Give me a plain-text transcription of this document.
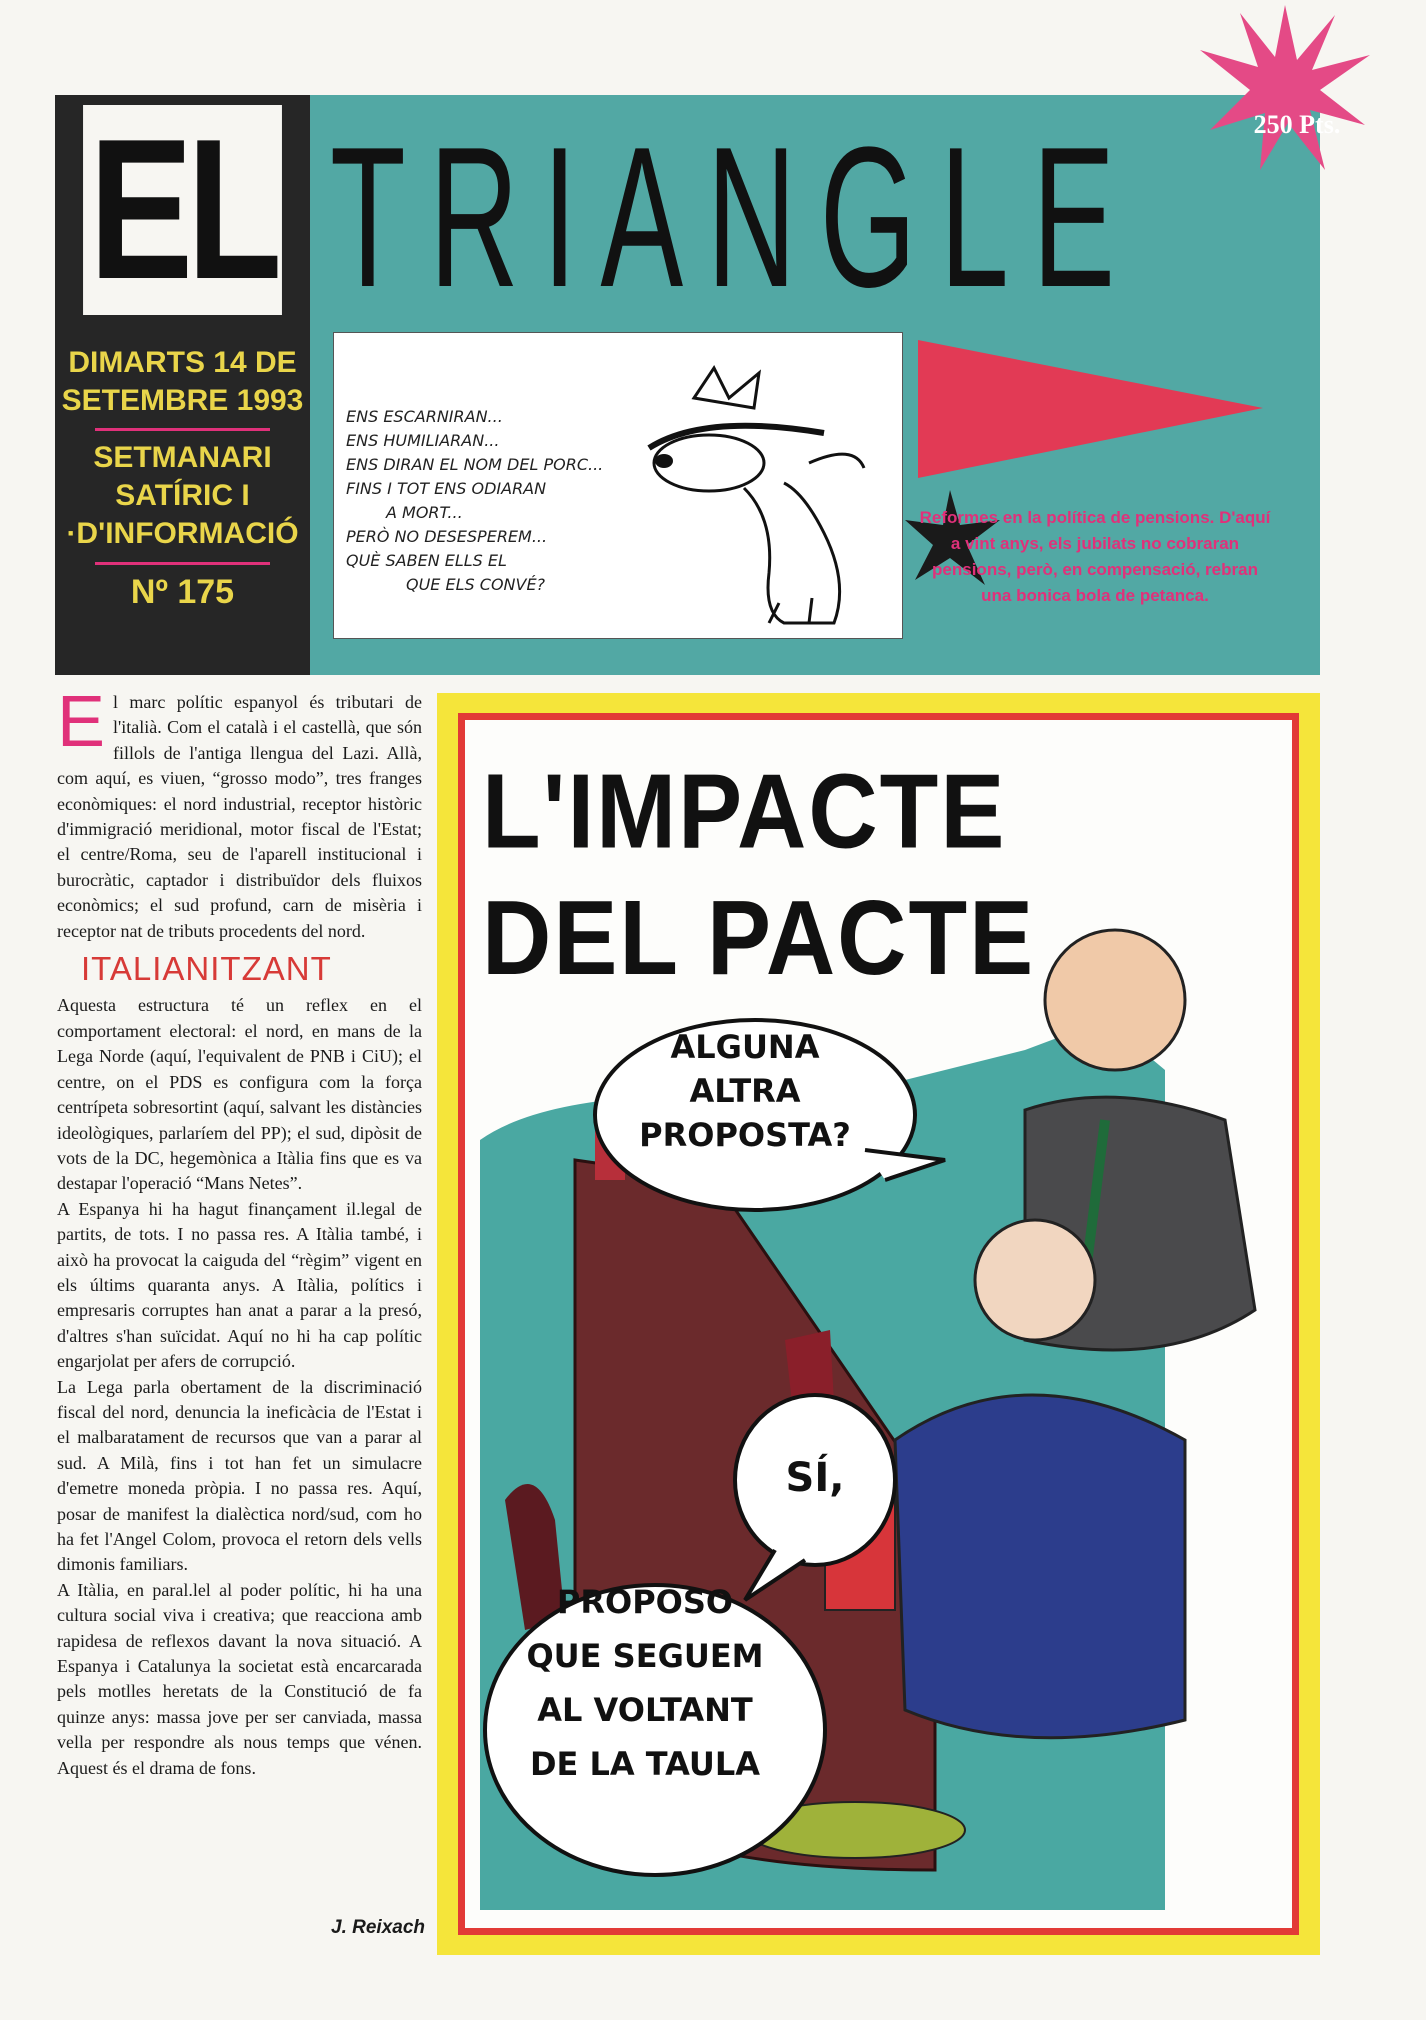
EL TRIANGLE
DIMARTS 14 DE
SETEMBRE 1993
SETMANARI
SATÍRIC I
·D'INFORMACIÓ
Nº 175
250 Pts.
ENS ESCARNIRAN...
ENS HUMILIARAN...
ENS DIRAN EL NOM DEL PORC...
FINS I TOT ENS ODIARAN
A MORT...
PERÒ NO DESESPEREM...
QUÈ SABEN ELLS EL
QUE ELS CONVÉ?
Reformes en la política de pensions. D'aquí a vint anys, els jubilats no cobraran pensions, però, en compensació, rebran una bonica bola de petanca.
E l marc polític espanyol és tributari de l'italià. Com el català i el castellà, que són fillols de l'antiga llengua del Lazi. Allà, com aquí, es viuen, “grosso modo”, tres franges econòmiques: el nord industrial, receptor històric d'immigració meridional, motor fiscal de l'Estat; el centre/Roma, seu de l'aparell institucional i burocràtic, captador i distribuïdor dels fluixos econòmics; el sud profund, carn de misèria i receptor nat de tributs procedents del nord.

ITALIANITZANT

Aquesta estructura té un reflex en el comportament electoral: el nord, en mans de la Lega Norde (aquí, l'equivalent de PNB i CiU); el centre, on el PDS es configura com la força centrípeta sobresortint (aquí, salvant les distàncies ideològiques, parlaríem del PP); el sud, dipòsit de vots de la DC, hegemònica a Itàlia fins que es va destapar l'operació “Mans Netes”.

A Espanya hi ha hagut finançament il.legal de partits, de tots. I no passa res. A Itàlia també, i això ha provocat la caiguda del “règim” vigent en els últims quaranta anys. A Itàlia, polítics i empresaris corruptes han anat a parar a la presó, d'altres s'han suïcidat. Aquí no hi ha cap polític engarjolat per afers de corrupció.

La Lega parla obertament de la discriminació fiscal del nord, denuncia la ineficàcia de l'Estat i el malbaratament de recursos que van a parar al sud. A Milà, fins i tot han fet un simulacre d'emetre moneda pròpia. I no passa res. Aquí, posar de manifest la dialèctica nord/sud, com ho ha fet l'Angel Colom, provoca el retorn dels vells dimonis familiars.

A Itàlia, en paral.lel al poder polític, hi ha una cultura social viva i creativa; que reacciona amb rapidesa de reflexos davant la nova situació. A Espanya i Catalunya la societat està encarcarada pels motlles heretats de la Constitució de fa quinze anys: massa jove per ser canviada, massa vella per respondre als nous temps que vénen. Aquest és el drama de fons.

J. Reixach
L'IMPACTE
DEL PACTE
ALGUNA
ALTRA
PROPOSTA?
SÍ,
PROPOSO
QUE SEGUEM
AL VOLTANT
DE LA TAULA
